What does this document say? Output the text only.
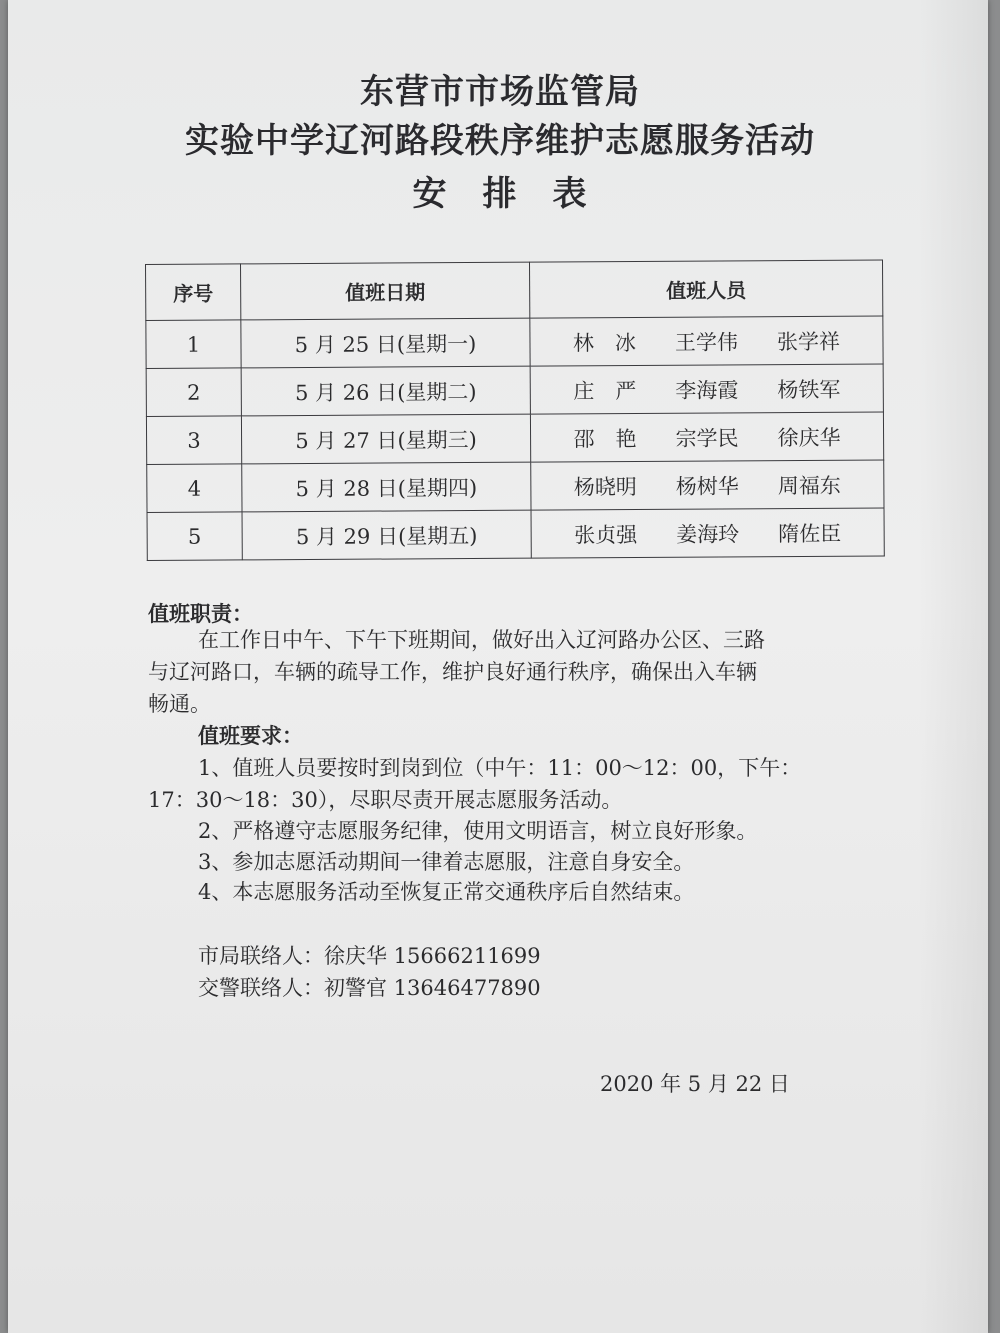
东营市市场监管局
实验中学辽河路段秩序维护志愿服务活动
安　排　表
序号	值班日期	值班人员
1	5 月 25 日(星期一)	林　冰 王学伟 张学祥
2	5 月 26 日(星期二)	庄　严 李海霞 杨铁军
3	5 月 27 日(星期三)	邵　艳 宗学民 徐庆华
4	5 月 28 日(星期四)	杨晓明 杨树华 周福东
5	5 月 29 日(星期五)	张贞强 姜海玲 隋佐臣
值班职责：
在工作日中午、下午下班期间，做好出入辽河路办公区、三路
与辽河路口，车辆的疏导工作，维护良好通行秩序，确保出入车辆
畅通。
值班要求：
1、值班人员要按时到岗到位（中午：11：00～12：00，下午：
17：30～18：30），尽职尽责开展志愿服务活动。
2、严格遵守志愿服务纪律，使用文明语言，树立良好形象。
3、参加志愿活动期间一律着志愿服，注意自身安全。
4、本志愿服务活动至恢复正常交通秩序后自然结束。
市局联络人：徐庆华 15666211699
交警联络人：初警官 13646477890
2020 年 5 月 22 日
